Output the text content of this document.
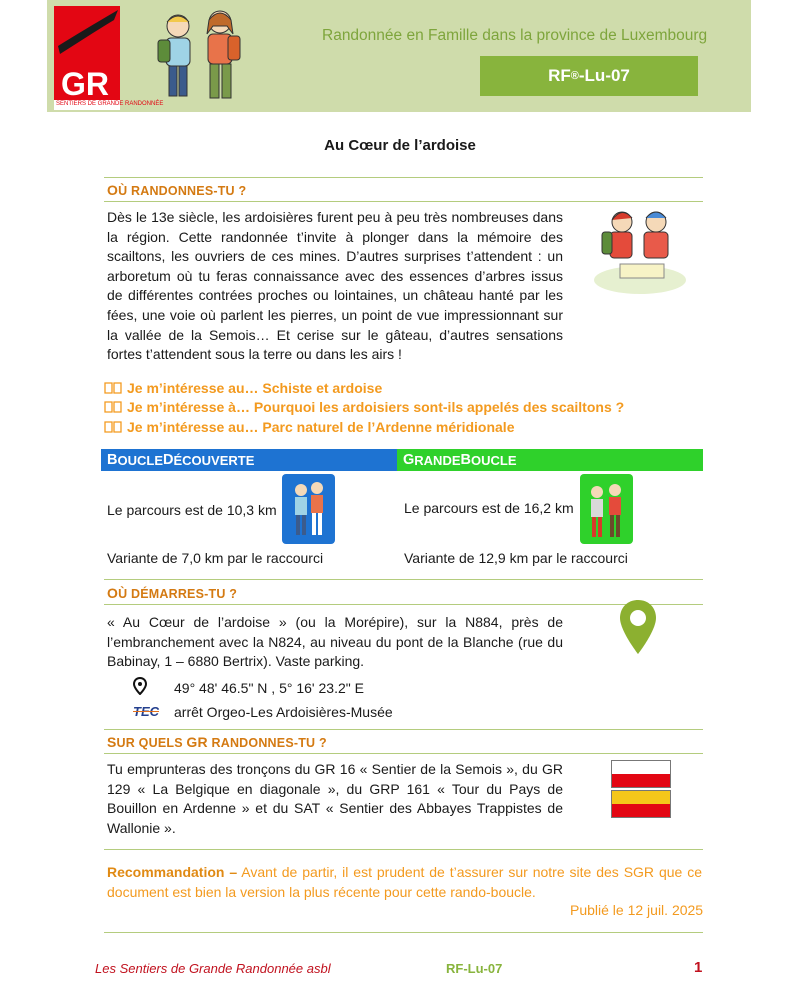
GR
SENTIERS DE GRANDE RANDONNÉE
Randonnée en Famille dans la province de Luxembourg
RF ® -Lu-07
Au Cœur de l’ardoise
OÙ RANDONNES-TU ?
Dès le 13e siècle, les ardoisières furent peu à peu très nombreuses dans la région. Cette randonnée t’invite à plonger dans la mémoire des scailtons, les ouvriers de ces mines. D’autres surprises t’attendent : un arboretum où tu feras connaissance avec des essences d’arbres issus de différentes contrées proches ou lointaines, un château hanté par les fées, une voie où parlent les pierres, un point de vue impressionnant sur la vallée de la Semois… Et cerise sur le gâteau, d’autres sensations fortes t’attendent sous la terre ou dans les airs !
Je m’intéresse au… Schiste et ardoise
Je m’intéresse à… Pourquoi les ardoisiers sont-ils appelés des scailtons ?
Je m’intéresse au… Parc naturel de l’Ardenne méridionale
B OUCLE D ÉCOUVERTE	G RANDE B OUCLE
Le parcours est de 10,3 km	Le parcours est de 16,2 km
Variante de 7,0 km par le raccourci	Variante de 12,9 km par le raccourci
OÙ DÉMARRES-TU ?
« Au Cœur de l’ardoise » (ou la Morépire), sur la N884, près de l’embranchement avec la N824, au niveau du pont de la Blanche (rue du Babinay, 1 – 6880 Bertrix). Vaste parking.
49° 48' 46.5" N , 5° 16' 23.2" E
TEC arrêt Orgeo-Les Ardoisières-Musée
SUR QUELS GR RANDONNES-TU ?
Tu emprunteras des tronçons du GR 16 « Sentier de la Semois », du GR 129 « La Belgique en diagonale », du GRP 161 « Tour du Pays de Bouillon en Ardenne » et du SAT « Sentier des Abbayes Trappistes de Wallonie ».
Recommandation – Avant de partir, il est prudent de t’assurer sur notre site des SGR que ce document est bien la version la plus récente pour cette rando-boucle.
Publié le 12 juil. 2025
Les Sentiers de Grande Randonnée asbl	RF-Lu-07	1
